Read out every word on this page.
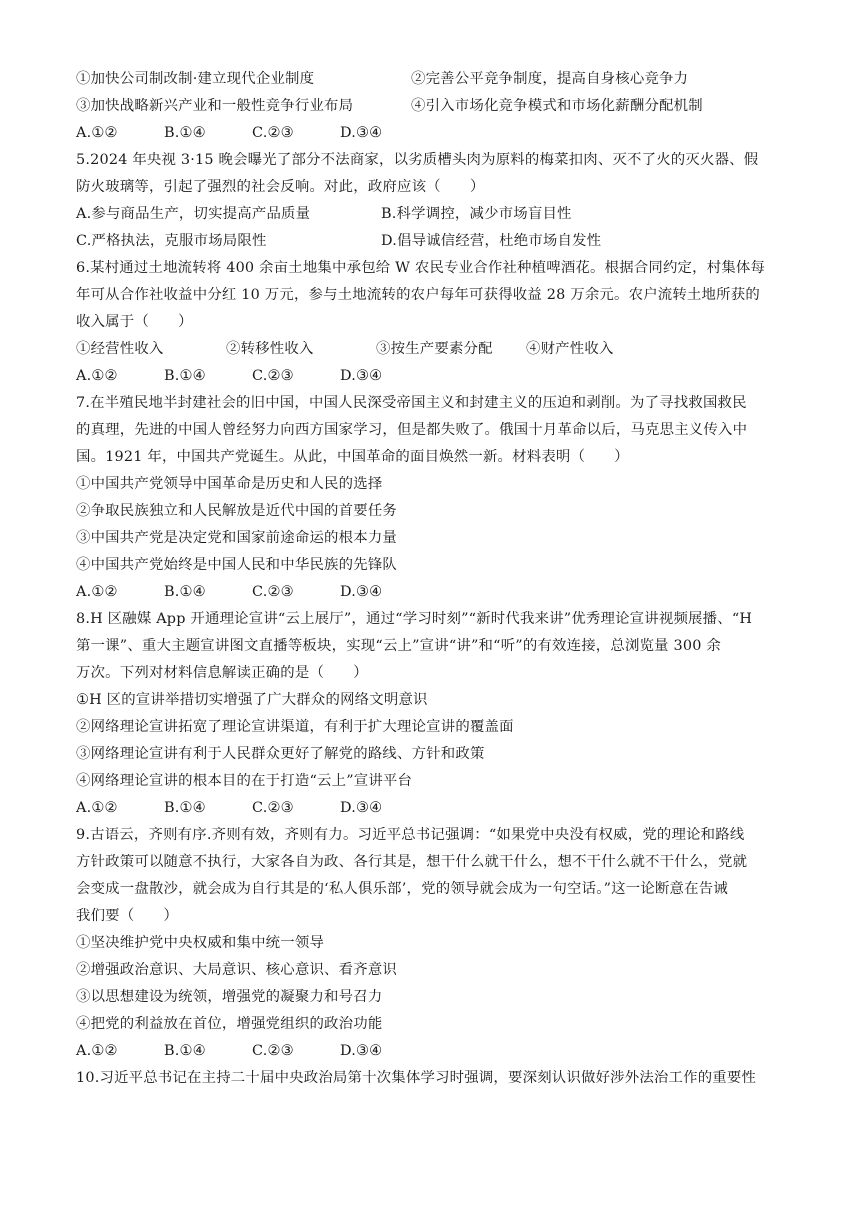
①加快公司制改制·建立现代企业制度	②完善公平竞争制度，提高自身核心竞争力
③加快战略新兴产业和一般性竞争行业布局	④引入市场化竞争模式和市场化薪酬分配机制
A.①②	B.①④	C.②③	D.③④
5.2024 年央视 3·15 晚会曝光了部分不法商家，以劣质槽头肉为原料的梅菜扣肉、灭不了火的灭火器、假
防火玻璃等，引起了强烈的社会反响。对此，政府应该（　　）
A.参与商品生产，切实提高产品质量	B.科学调控，减少市场盲目性
C.严格执法，克服市场局限性	D.倡导诚信经营，杜绝市场自发性
6.某村通过土地流转将 400 余亩土地集中承包给 W 农民专业合作社种植啤酒花。根据合同约定，村集体每
年可从合作社收益中分红 10 万元，参与土地流转的农户每年可获得收益 28 万余元。农户流转土地所获的
收入属于（　　）
①经营性收入	②转移性收入	③按生产要素分配	④财产性收入
A.①②	B.①④	C.②③	D.③④
7.在半殖民地半封建社会的旧中国，中国人民深受帝国主义和封建主义的压迫和剥削。为了寻找救国救民
的真理，先进的中国人曾经努力向西方国家学习，但是都失败了。俄国十月革命以后，马克思主义传入中
国。1921 年，中国共产党诞生。从此，中国革命的面目焕然一新。材料表明（　　）
①中国共产党领导中国革命是历史和人民的选择
②争取民族独立和人民解放是近代中国的首要任务
③中国共产党是决定党和国家前途命运的根本力量
④中国共产党始终是中国人民和中华民族的先锋队
A.①②	B.①④	C.②③	D.③④
8.H 区融媒 App 开通理论宣讲“云上展厅”，通过“学习时刻”“新时代我来讲”优秀理论宣讲视频展播、“H
第一课”、重大主题宣讲图文直播等板块，实现“云上”宣讲“讲”和“听”的有效连接，总浏览量 300 余
万次。下列对材料信息解读正确的是（　　）
①H 区的宣讲举措切实增强了广大群众的网络文明意识
②网络理论宣讲拓宽了理论宣讲渠道，有利于扩大理论宣讲的覆盖面
③网络理论宣讲有利于人民群众更好了解党的路线、方针和政策
④网络理论宣讲的根本目的在于打造“云上”宣讲平台
A.①②	B.①④	C.②③	D.③④
9.古语云，齐则有序.齐则有效，齐则有力。习近平总书记强调：“如果党中央没有权威，党的理论和路线
方针政策可以随意不执行，大家各自为政、各行其是，想干什么就干什么，想不干什么就不干什么，党就
会变成一盘散沙，就会成为自行其是的‘私人俱乐部’，党的领导就会成为一句空话。”这一论断意在告诫
我们要（　　）
①坚决维护党中央权威和集中统一领导
②增强政治意识、大局意识、核心意识、看齐意识
③以思想建设为统领，增强党的凝聚力和号召力
④把党的利益放在首位，增强党组织的政治功能
A.①②	B.①④	C.②③	D.③④
10.习近平总书记在主持二十届中央政治局第十次集体学习时强调，要深刻认识做好涉外法治工作的重要性
